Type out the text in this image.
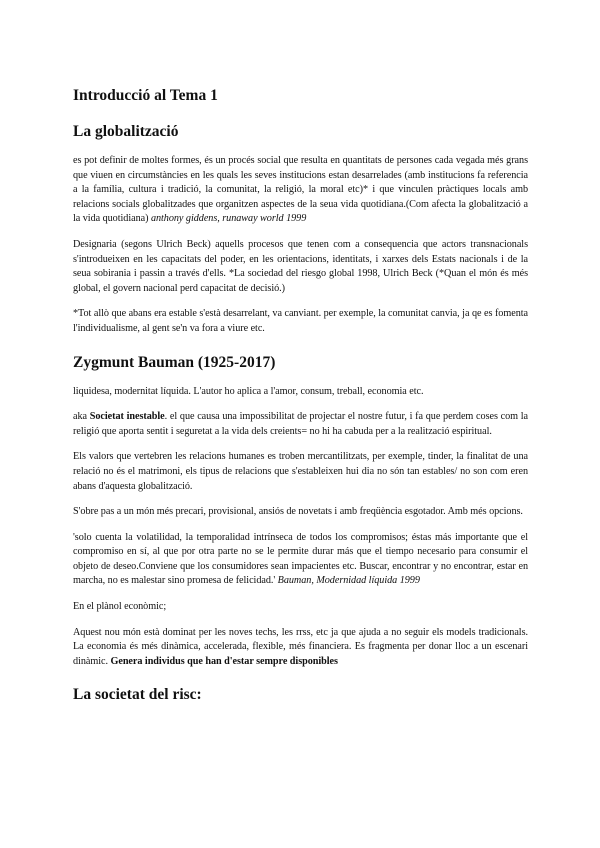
Introducció al Tema 1
La globalització

es pot definir de moltes formes, és un procés social que resulta en quantitats de persones cada vegada més grans que viuen en circumstàncies en les quals les seves institucions estan desarrelades (amb institucions fa referencia a la família, cultura i tradició, la comunitat, la religió, la moral etc)* i que vinculen pràctiques locals amb relacions socials globalitzades que organitzen aspectes de la seua vida quotidiana.(Com afecta la globalització a la vida quotidiana) anthony giddens, runaway world 1999

Designaria (segons Ulrich Beck) aquells procesos que tenen com a consequencia que actors transnacionals s'introdueixen en les capacitats del poder, en les orientacions, identitats, i xarxes dels Estats nacionals i de la seua sobirania i passin a través d'ells. *La sociedad del riesgo global 1998, Ulrich Beck (*Quan el món és més global, el govern nacional perd capacitat de decisió.)

*Tot allò que abans era estable s'està desarrelant, va canviant. per exemple, la comunitat canvia, ja qe es fomenta l'individualisme, al gent se'n va fora a viure etc.

Zygmunt Bauman (1925-2017)

liquidesa, modernitat líquida. L'autor ho aplica a l'amor, consum, treball, economia etc.

aka Societat inestable. el que causa una impossibilitat de projectar el nostre futur, i fa que perdem coses com la religió que aporta sentit i seguretat a la vida dels creients= no hi ha cabuda per a la realització espiritual.

Els valors que vertebren les relacions humanes es troben mercantilitzats, per exemple, tinder, la finalitat de una relació no és el matrimoni, els tipus de relacions que s'estableixen hui dia no són tan estables/ no son com eren abans d'aquesta globalització.

S'obre pas a un món més precari, provisional, ansiós de novetats i amb freqüència esgotador. Amb més opcions.

'solo cuenta la volatilidad, la temporalidad intrínseca de todos los compromisos; éstas más importante que el compromiso en sí, al que por otra parte no se le permite durar más que el tiempo necesario para consumir el objeto de deseo.Conviene que los consumidores sean impacientes etc. Buscar, encontrar y no encontrar, estar en marcha, no es malestar sino promesa de felicidad.' Bauman, Modernidad líquida 1999

En el plànol econòmic;

Aquest nou món està dominat per les noves techs, les rrss, etc ja que ajuda a no seguir els models tradicionals. La economia és més dinàmica, accelerada, flexible, més financiera. Es fragmenta per donar lloc a un escenari dinàmic. Genera individus que han d'estar sempre disponibles

La societat del risc:
